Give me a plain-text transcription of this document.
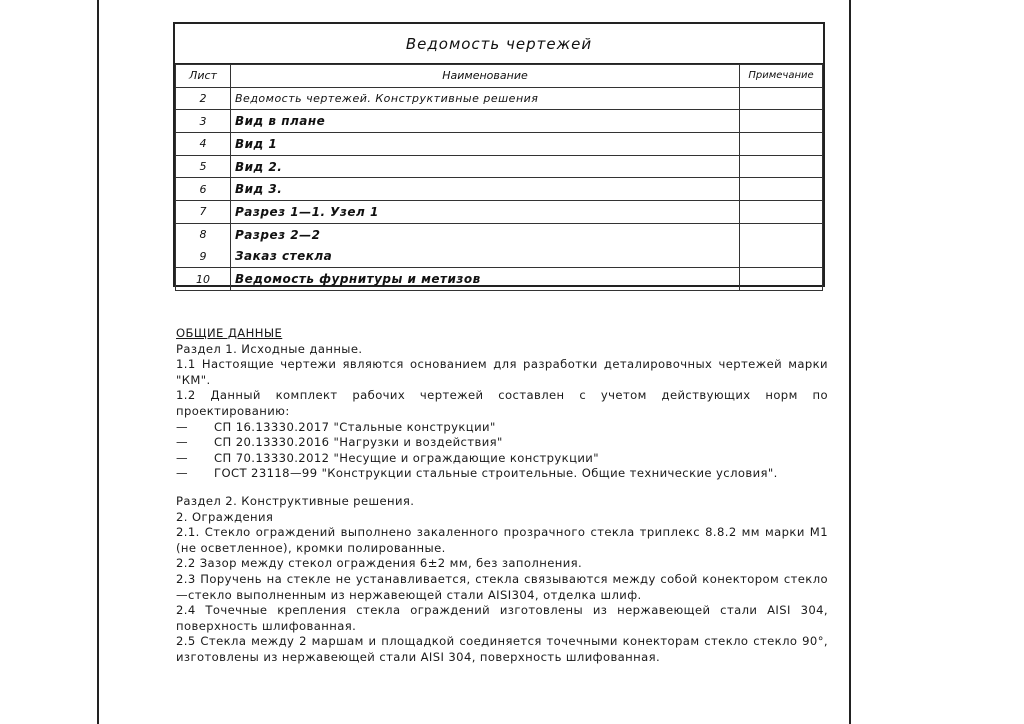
Ведомость чертежей
Лист	Наименование	Примечание
2	Ведомость чертежей. Конструктивные решения	
3	Вид в плане	
4	Вид 1	
5	Вид 2.	
6	Вид 3.	
7	Разрез 1—1. Узел 1	
8	Разрез 2—2	
9	Заказ стекла	
10	Ведомость фурнитуры и метизов	

ОБЩИЕ ДАННЫЕ

Раздел 1. Исходные данные.

1.1 Настоящие чертежи являются основанием для разработки деталировочных чертежей марки "КМ".

1.2 Данный комплект рабочих чертежей составлен с учетом действующих норм по проектированию:

—	СП 16.13330.2017 "Стальные конструкции"
—	СП 20.13330.2016 "Нагрузки и воздействия"
—	СП 70.13330.2012 "Несущие и ограждающие конструкции"
—	ГОСТ 23118—99 "Конструкции стальные строительные. Общие технические условия".

Раздел 2. Конструктивные решения.

2. Ограждения

2.1. Стекло ограждений выполнено закаленного прозрачного стекла триплекс 8.8.2 мм марки М1 (не осветленное), кромки полированные.

2.2 Зазор между стекол ограждения 6±2 мм, без заполнения.

2.3 Поручень на стекле не устанавливается, стекла связываются между собой конектором стекло—стекло выполненным из нержавеющей стали AISI304, отделка шлиф.

2.4 Точечные крепления стекла ограждений изготовлены из нержавеющей стали AISI 304, поверхность шлифованная.

2.5 Стекла между 2 маршам и площадкой соединяется точечными конекторам стекло стекло 90°, изготовлены из нержавеющей стали AISI 304, поверхность шлифованная.
